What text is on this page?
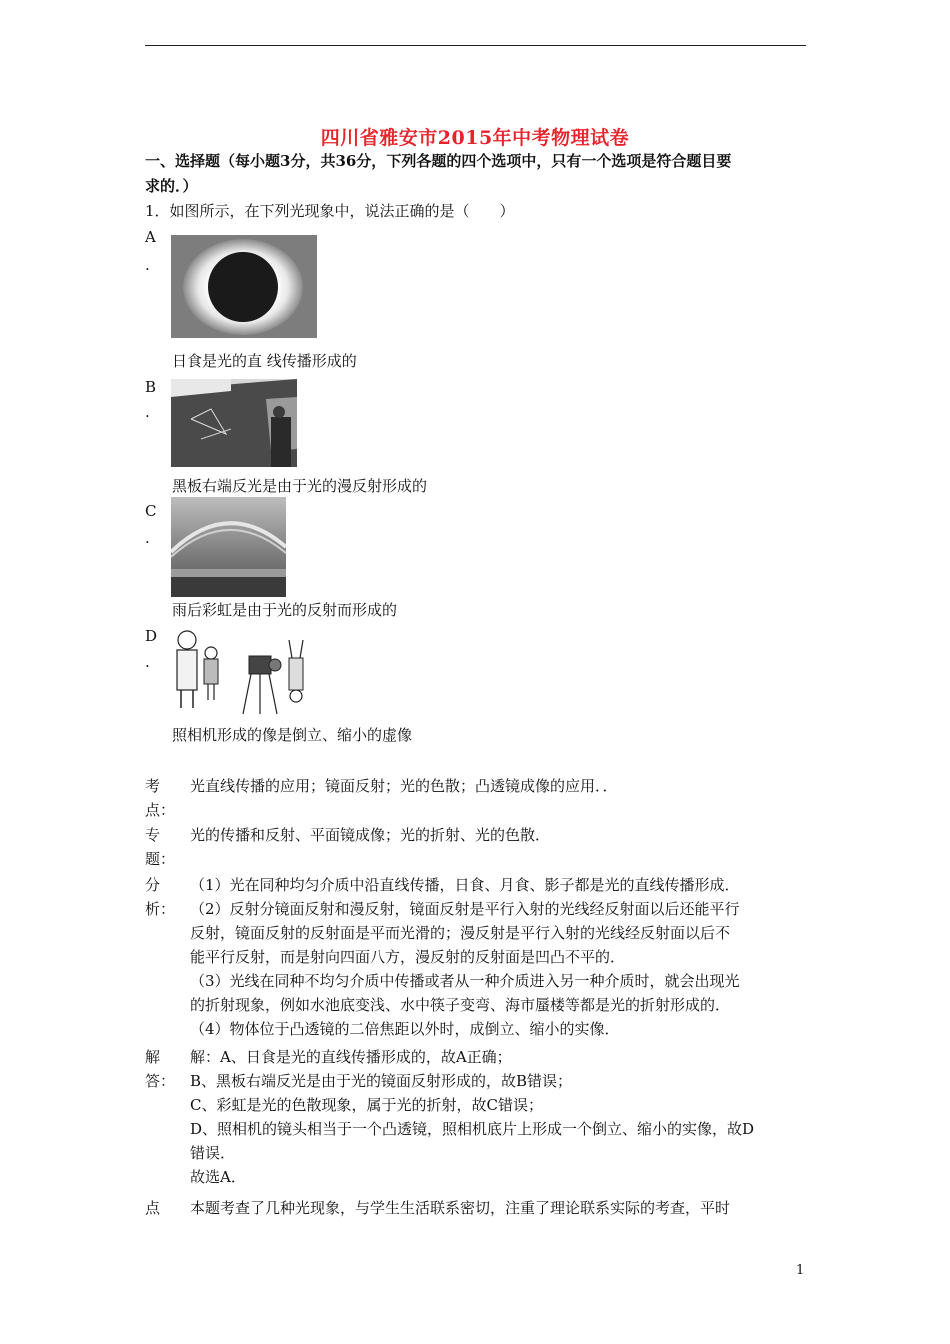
四川省雅安市2015年中考物理试卷
一、选择题（每小题3分，共36分，下列各题的四个选项中，只有一个选项是符合题目要
求的．）
1．如图所示，在下列光现象中，说法正确的是（　　）
A
.
日食是光的直 线传播形成的
B
.
黑板右端反光是由于光的漫反射形成的
C
.
雨后彩虹是由于光的反射而形成的
D
.
照相机形成的像是倒立、缩小的虚像
考
点：
光直线传播的应用；镜面反射；光的色散；凸透镜成像的应用．．
专
题：
光的传播和反射、平面镜成像；光的折射、光的色散．
分
析：
（1）光在同种均匀介质中沿直线传播，日食、月食、影子都是光的直线传播形成．
（2）反射分镜面反射和漫反射，镜面反射是平行入射的光线经反射面以后还能平行
反射，镜面反射的反射面是平而光滑的；漫反射是平行入射的光线经反射面以后不
能平行反射，而是射向四面八方，漫反射的反射面是凹凸不平的．
（3）光线在同种不均匀介质中传播或者从一种介质进入另一种介质时，就会出现光
的折射现象，例如水池底变浅、水中筷子变弯、海市蜃楼等都是光的折射形成的．
（4）物体位于凸透镜的二倍焦距以外时，成倒立、缩小的实像．
解
答：
解：A、日食是光的直线传播形成的，故A正确；
B、黑板右端反光是由于光的镜面反射形成的，故B错误；
C、彩虹是光的色散现象，属于光的折射，故C错误；
D、照相机的镜头相当于一个凸透镜，照相机底片上形成一个倒立、缩小的实像，故D
错误．
故选A．
点	本题考查了几种光现象，与学生生活联系密切，注重了理论联系实际的考查，平时
1
